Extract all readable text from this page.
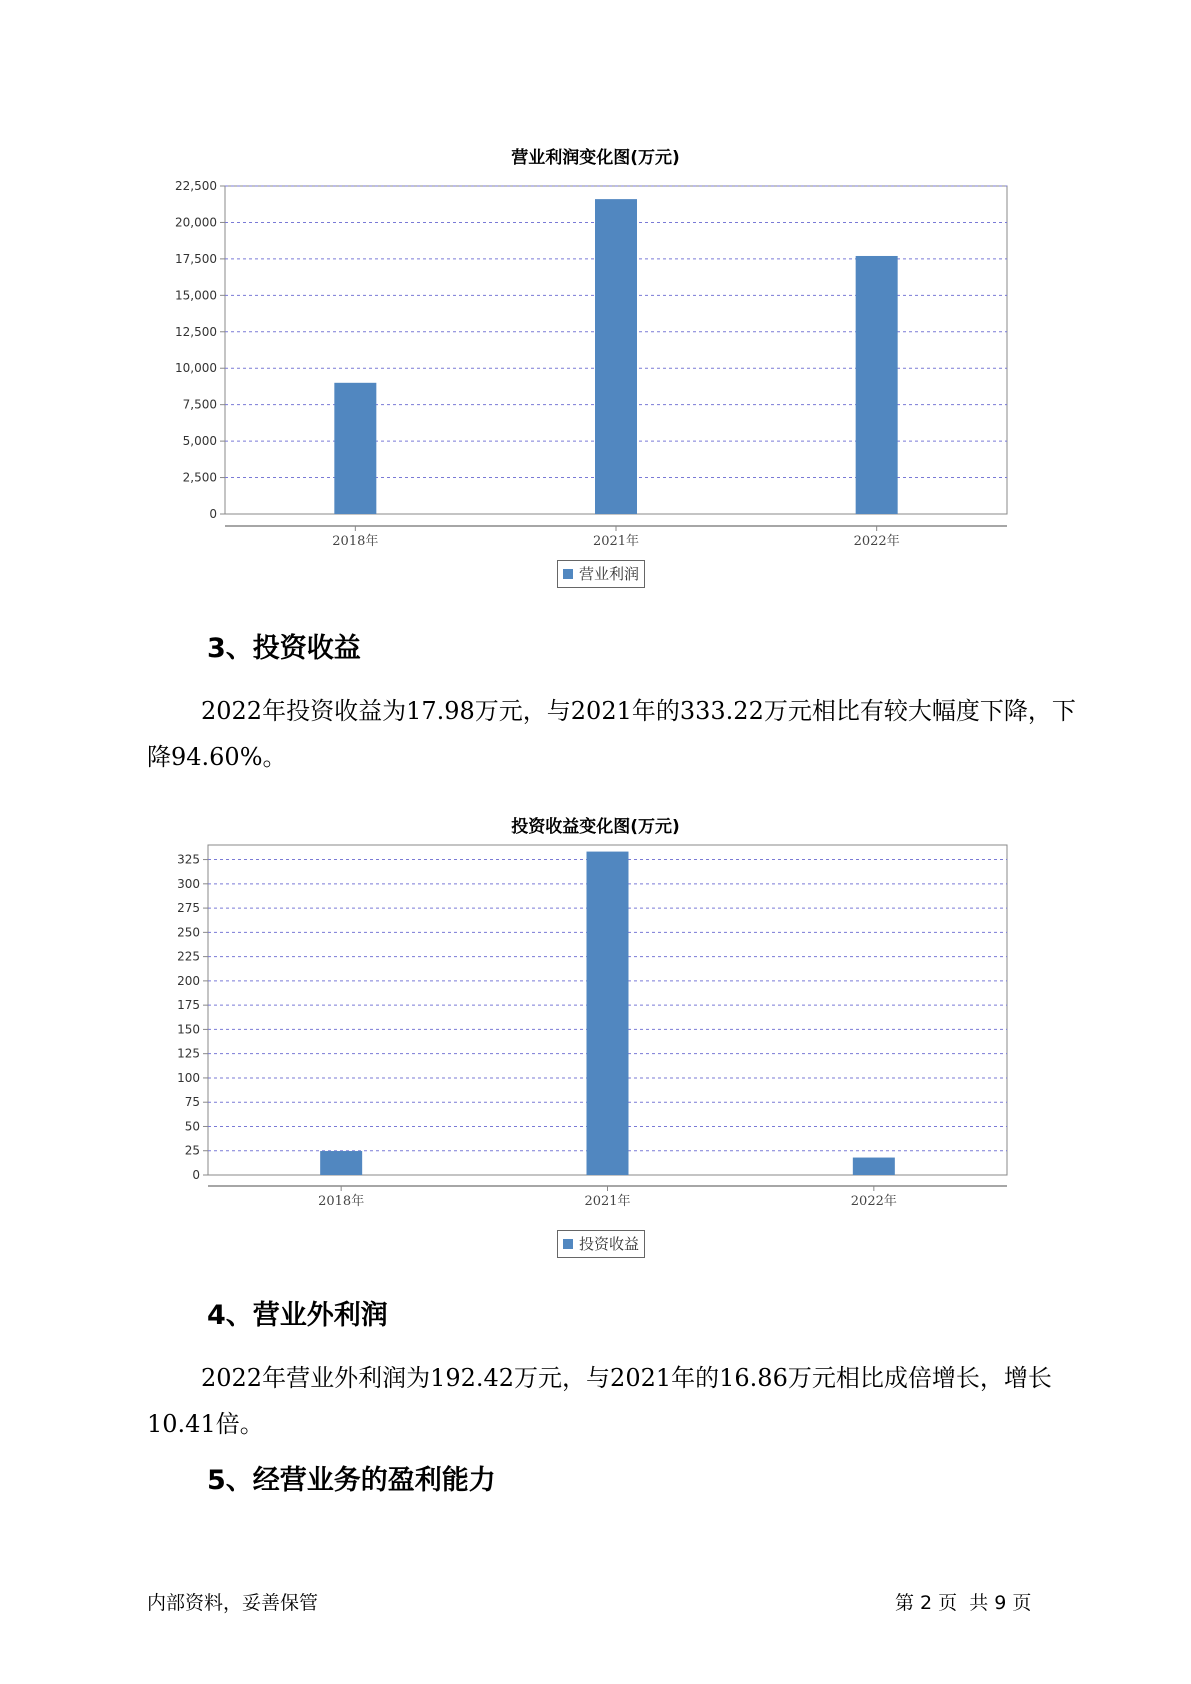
营业利润变化图(万元)
0
2,500
5,000
7,500
10,000
12,500
15,000
17,500
20,000
22,500
2018年	2021年	2022年
营业利润
3、投资收益
2022年投资收益为17.98万元，与2021年的333.22万元相比有较大幅度下降，下降94.60%。
投资收益变化图(万元)
0
25
50
75
100
125
150
175
200
225
250
275
300
325
2018年	2021年	2022年
投资收益
4、营业外利润
2022年营业外利润为192.42万元，与2021年的16.86万元相比成倍增长，增长10.41倍。
5、经营业务的盈利能力
内部资料，妥善保管	第 2 页  共 9 页
